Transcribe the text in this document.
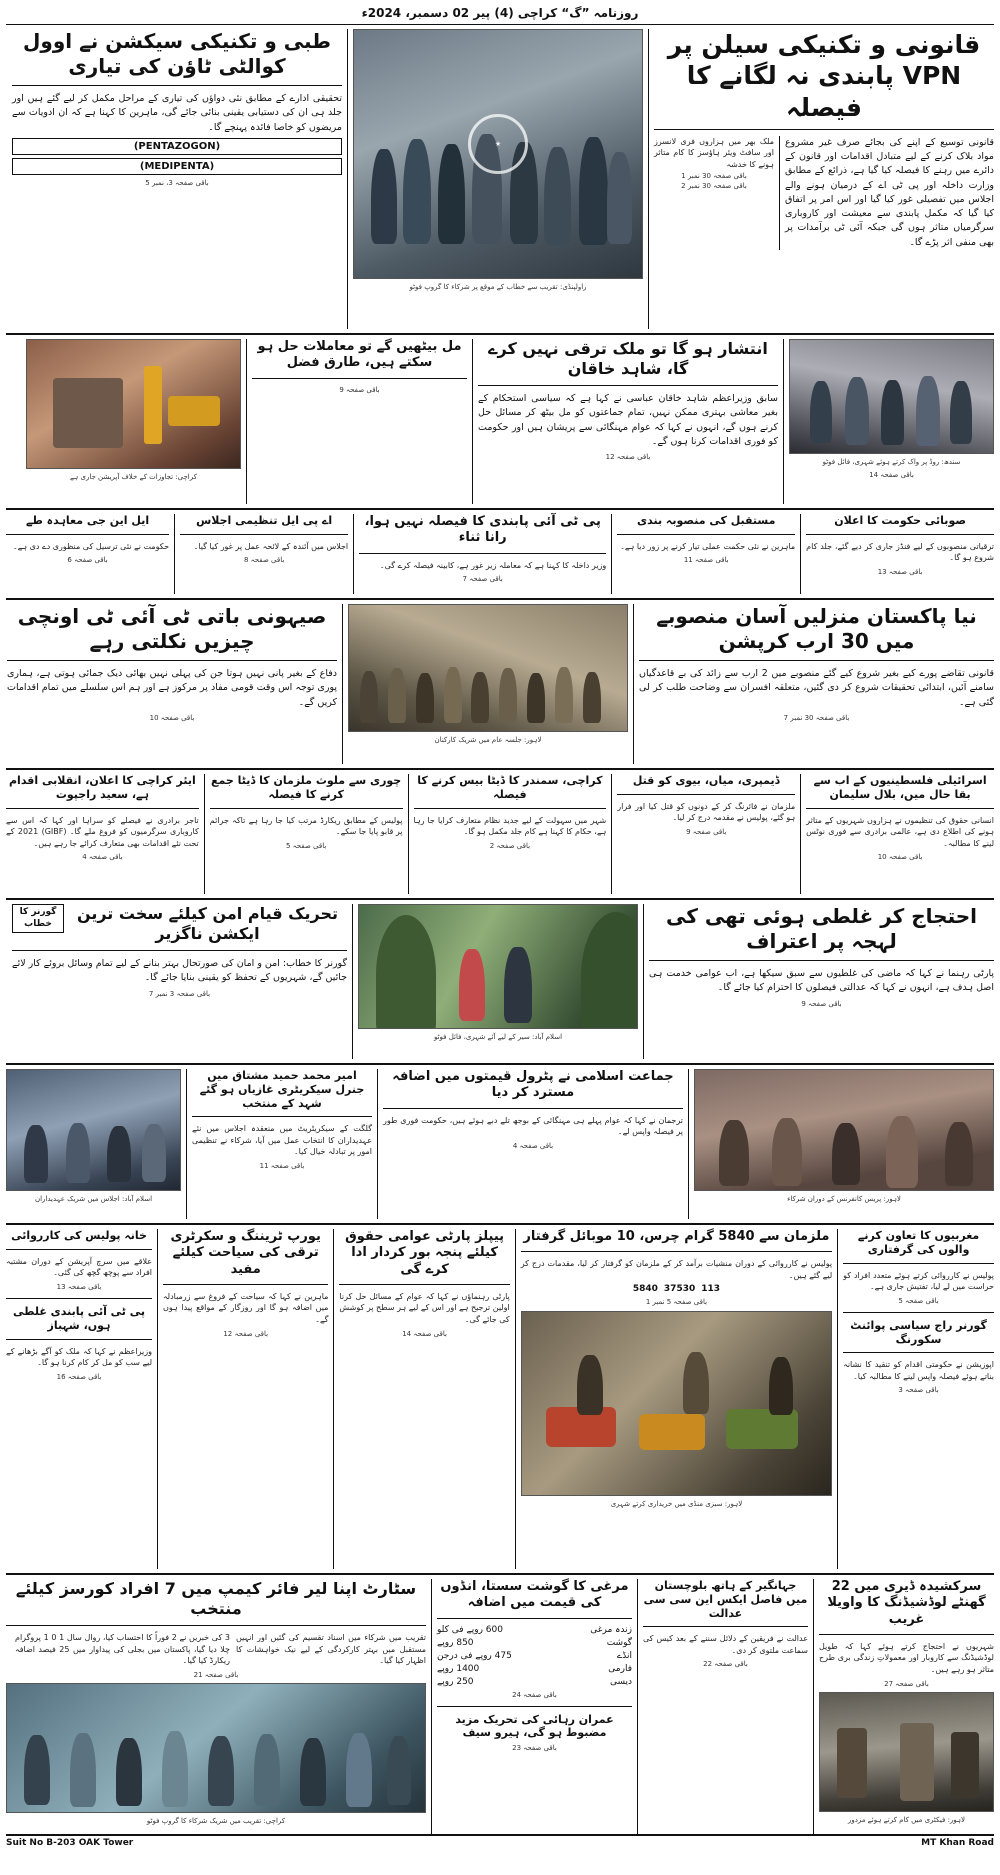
روزنامہ ”گ“ کراچی (4) پیر 02 دسمبر، 2024ء
قانونی و تکنیکی سیلن پر VPN پابندی نہ لگانے کا فیصلہ
قانونی توسیع کے اپنے کی بجائے صرف غیر مشروع مواد بلاک کرنے کے لیے متبادل اقدامات اور قانون کے دائرے میں رہنے کا فیصلہ کیا گیا ہے، ذرائع کے مطابق وزارت داخلہ اور پی ٹی اے کے درمیان ہونے والے اجلاس میں تفصیلی غور کیا گیا اور اس امر پر اتفاق کیا گیا کہ مکمل پابندی سے معیشت اور کاروباری سرگرمیاں متاثر ہوں گی جبکہ آئی ٹی برآمدات پر بھی منفی اثر پڑے گا۔
ملک بھر میں ہزاروں فری لانسرز اور سافٹ ویئر ہاؤسز کا کام متاثر ہونے کا خدشہ
باقی صفحہ 30 نمبر 1
باقی صفحہ 30 نمبر 2
★
راولپنڈی: تقریب سے خطاب کے موقع پر شرکاء کا گروپ فوٹو
طبی و تکنیکی سیکشن نے اوول کوالٹی ٹاؤن کی تیاری
تحقیقی ادارے کے مطابق نئی دواؤں کی تیاری کے مراحل مکمل کر لیے گئے ہیں اور جلد ہی ان کی دستیابی یقینی بنائی جائے گی، ماہرین کا کہنا ہے کہ ان ادویات سے مریضوں کو خاصا فائدہ پہنچے گا۔
(PENTAZOGON)
(MEDIPENTA)
باقی صفحہ 3، نمبر 5
سندھ: روڈ پر واک کرتے ہوئے شہری، فائل فوٹو
باقی صفحہ 14
انتشار ہو گا تو ملک ترقی نہیں کرے گا، شاہد خاقان
سابق وزیراعظم شاہد خاقان عباسی نے کہا ہے کہ سیاسی استحکام کے بغیر معاشی بہتری ممکن نہیں، تمام جماعتوں کو مل بیٹھ کر مسائل حل کرنے ہوں گے، انہوں نے کہا کہ عوام مہنگائی سے پریشان ہیں اور حکومت کو فوری اقدامات کرنا ہوں گے۔
باقی صفحہ 12
مل بیٹھیں گے تو معاملات حل ہو سکتے ہیں، طارق فضل
باقی صفحہ 9
کراچی: تجاوزات کے خلاف آپریشن جاری ہے
صوبائی حکومت کا اعلان
ترقیاتی منصوبوں کے لیے فنڈز جاری کر دیے گئے، جلد کام شروع ہو گا۔
باقی صفحہ 13
مستقبل کی منصوبہ بندی
ماہرین نے نئی حکمت عملی تیار کرنے پر زور دیا ہے۔
باقی صفحہ 11
پی ٹی آئی پابندی کا فیصلہ نہیں ہوا، رانا ثناء
وزیر داخلہ کا کہنا ہے کہ معاملہ زیر غور ہے، کابینہ فیصلہ کرے گی۔
باقی صفحہ 7
اے پی ایل تنظیمی اجلاس
اجلاس میں آئندہ کے لائحہ عمل پر غور کیا گیا۔
باقی صفحہ 8
ایل این جی معاہدہ طے
حکومت نے نئی ترسیل کی منظوری دے دی ہے۔
باقی صفحہ 6
نیا پاکستان منزلیں آسان منصوبے میں 30 ارب کرپشن
قانونی تقاضے پورے کیے بغیر شروع کیے گئے منصوبے میں 2 ارب سے زائد کی بے قاعدگیاں سامنے آئیں، ابتدائی تحقیقات شروع کر دی گئیں، متعلقہ افسران سے وضاحت طلب کر لی گئی ہے۔
باقی صفحہ 30 نمبر 7
لاہور: جلسہ عام میں شریک کارکنان
صیہونی باتی ٹی آئی ٹی اونچی چیزیں نکلتی رہے
دفاع کے بغیر پانی نہیں ہوتا جن کی پہلی نہیں بھائی دیک جمائی ہوتی ہے، ہماری پوری توجہ اس وقت قومی مفاد پر مرکوز ہے اور ہم اس سلسلے میں تمام اقدامات کریں گے۔
باقی صفحہ 10
اسرائیلی فلسطینیوں کے اب سے بقا حال میں، بلال سلیمان
انسانی حقوق کی تنظیموں نے ہزاروں شہریوں کے متاثر ہونے کی اطلاع دی ہے، عالمی برادری سے فوری نوٹس لینے کا مطالبہ۔
باقی صفحہ 10
ڈیمپری، میاں، بیوی کو قتل
ملزمان نے فائرنگ کر کے دونوں کو قتل کیا اور فرار ہو گئے، پولیس نے مقدمہ درج کر لیا۔
باقی صفحہ 9
کراچی، سمندر کا ڈیٹا بیس کرنے کا فیصلہ
شہر میں سہولت کے لیے جدید نظام متعارف کرایا جا رہا ہے، حکام کا کہنا ہے کام جلد مکمل ہو گا۔
باقی صفحہ 2
چوری سے ملوث ملزمان کا ڈیٹا جمع کرنے کا فیصلہ
پولیس کے مطابق ریکارڈ مرتب کیا جا رہا ہے تاکہ جرائم پر قابو پایا جا سکے۔
باقی صفحہ 5
ایئر کراچی کا اعلان، انقلابی اقدام ہے، سعید راجپوت
تاجر برادری نے فیصلے کو سراہا اور کہا کہ اس سے کاروباری سرگرمیوں کو فروغ ملے گا۔ (GIBF) 2021 کے تحت نئے اقدامات بھی متعارف کرائے جا رہے ہیں۔
باقی صفحہ 4
احتجاج کر غلطی ہوئی تھی کی لہجہ پر اعتراف
پارٹی رہنما نے کہا کہ ماضی کی غلطیوں سے سبق سیکھا ہے، اب عوامی خدمت ہی اصل ہدف ہے، انہوں نے کہا کہ عدالتی فیصلوں کا احترام کیا جائے گا۔
باقی صفحہ 9
اسلام آباد: سیر کے لیے آئے شہری، فائل فوٹو
تحریک قیام امن کیلئے سخت ترین ایکشن ناگزیر
گورنر کا خطاب
گورنر کا خطاب: امن و امان کی صورتحال بہتر بنانے کے لیے تمام وسائل بروئے کار لائے جائیں گے، شہریوں کے تحفظ کو یقینی بنایا جائے گا۔
باقی صفحہ 3 نمبر 7
لاہور: پریس کانفرنس کے دوران شرکاء
جماعت اسلامی نے پٹرول قیمتوں میں اضافہ مسترد کر دیا
ترجمان نے کہا کہ عوام پہلے ہی مہنگائی کے بوجھ تلے دبے ہوئے ہیں، حکومت فوری طور پر فیصلہ واپس لے۔
باقی صفحہ 4
امیر محمد حمید مشتاق میں جنرل سیکریٹری غازیاں ہو گئے شہد کے منتخب
گلگت کے سیکریٹریٹ میں منعقدہ اجلاس میں نئے عہدیداران کا انتخاب عمل میں آیا، شرکاء نے تنظیمی امور پر تبادلہ خیال کیا۔
باقی صفحہ 11
اسلام آباد: اجلاس میں شریک عہدیداران
مغربیوں کا تعاون کرنے والوں کی گرفتاری
پولیس نے کارروائی کرتے ہوئے متعدد افراد کو حراست میں لے لیا، تفتیش جاری ہے۔
باقی صفحہ 5
گورنر راج سیاسی پوائنٹ سکورنگ
اپوزیشن نے حکومتی اقدام کو تنقید کا نشانہ بناتے ہوئے فیصلہ واپس لینے کا مطالبہ کیا۔
باقی صفحہ 3
ملزمان سے 5840 گرام چرس، 10 موبائل گرفتار
پولیس نے کارروائی کے دوران منشیات برآمد کر کے ملزمان کو گرفتار کر لیا، مقدمات درج کر لیے گئے ہیں۔
113
37530
5840
باقی صفحہ 5 نمبر 1
لاہور: سبزی منڈی میں خریداری کرتے شہری
پیپلز پارٹی عوامی حقوق کیلئے پنجہ بور کردار ادا کرے گی
پارٹی رہنماؤں نے کہا کہ عوام کے مسائل حل کرنا اولین ترجیح ہے اور اس کے لیے ہر سطح پر کوشش کی جائے گی۔
باقی صفحہ 14
یورپ ٹریننگ و سکرٹری ترقی کی سیاحت کیلئے مفید
ماہرین نے کہا کہ سیاحت کے فروغ سے زرمبادلہ میں اضافہ ہو گا اور روزگار کے مواقع پیدا ہوں گے۔
باقی صفحہ 12
خانہ پولیس کی کارروائی
علاقے میں سرچ آپریشن کے دوران مشتبہ افراد سے پوچھ گچھ کی گئی۔
باقی صفحہ 13
پی ٹی آئی پابندی غلطی ہوں، شہباز
وزیراعظم نے کہا کہ ملک کو آگے بڑھانے کے لیے سب کو مل کر کام کرنا ہو گا۔
باقی صفحہ 16
سرکشیدہ ڈیری میں 22 گھنٹے لوڈشیڈنگ کا واویلا غریب
شہریوں نے احتجاج کرتے ہوئے کہا کہ طویل لوڈشیڈنگ سے کاروبار اور معمولاتِ زندگی بری طرح متاثر ہو رہے ہیں۔
باقی صفحہ 27
لاہور: فیکٹری میں کام کرتے ہوئے مزدور
جہانگیر کے ہاتھ بلوچستان میں فاصل ایکس این سی سی عدالت
عدالت نے فریقین کے دلائل سننے کے بعد کیس کی سماعت ملتوی کر دی۔
باقی صفحہ 22
مرغی کا گوشت سستا، انڈوں کی قیمت میں اضافہ
زندہ مرغی
600 روپے فی کلو
گوشت
850 روپے
انڈے
475 روپے فی درجن
فارمی
1400 روپے
دیسی
250 روپے
باقی صفحہ 24
عمران رہائی کی تحریک مزید مضبوط ہو گی، ہیرو سیف
باقی صفحہ 23
سٹارٹ اپنا لیر فائر کیمپ میں 7 افراد کورسز کیلئے منتخب
تقریب میں شرکاء میں اسناد تقسیم کی گئیں اور انہیں مستقبل میں بہتر کارکردگی کے لیے نیک خواہشات کا اظہار کیا گیا۔
3 کی خبریں نے 2 فوراً کا احتساب کیا، روال سال 1 0 1 پروگرام چلا دیا گیا، پاکستان میں بجلی کی پیداوار میں 25 فیصد اضافہ ریکارڈ کیا گیا۔
باقی صفحہ 21
کراچی: تقریب میں شریک شرکاء کا گروپ فوٹو
Suit No B-203 OAK Tower	MT Khan Road
